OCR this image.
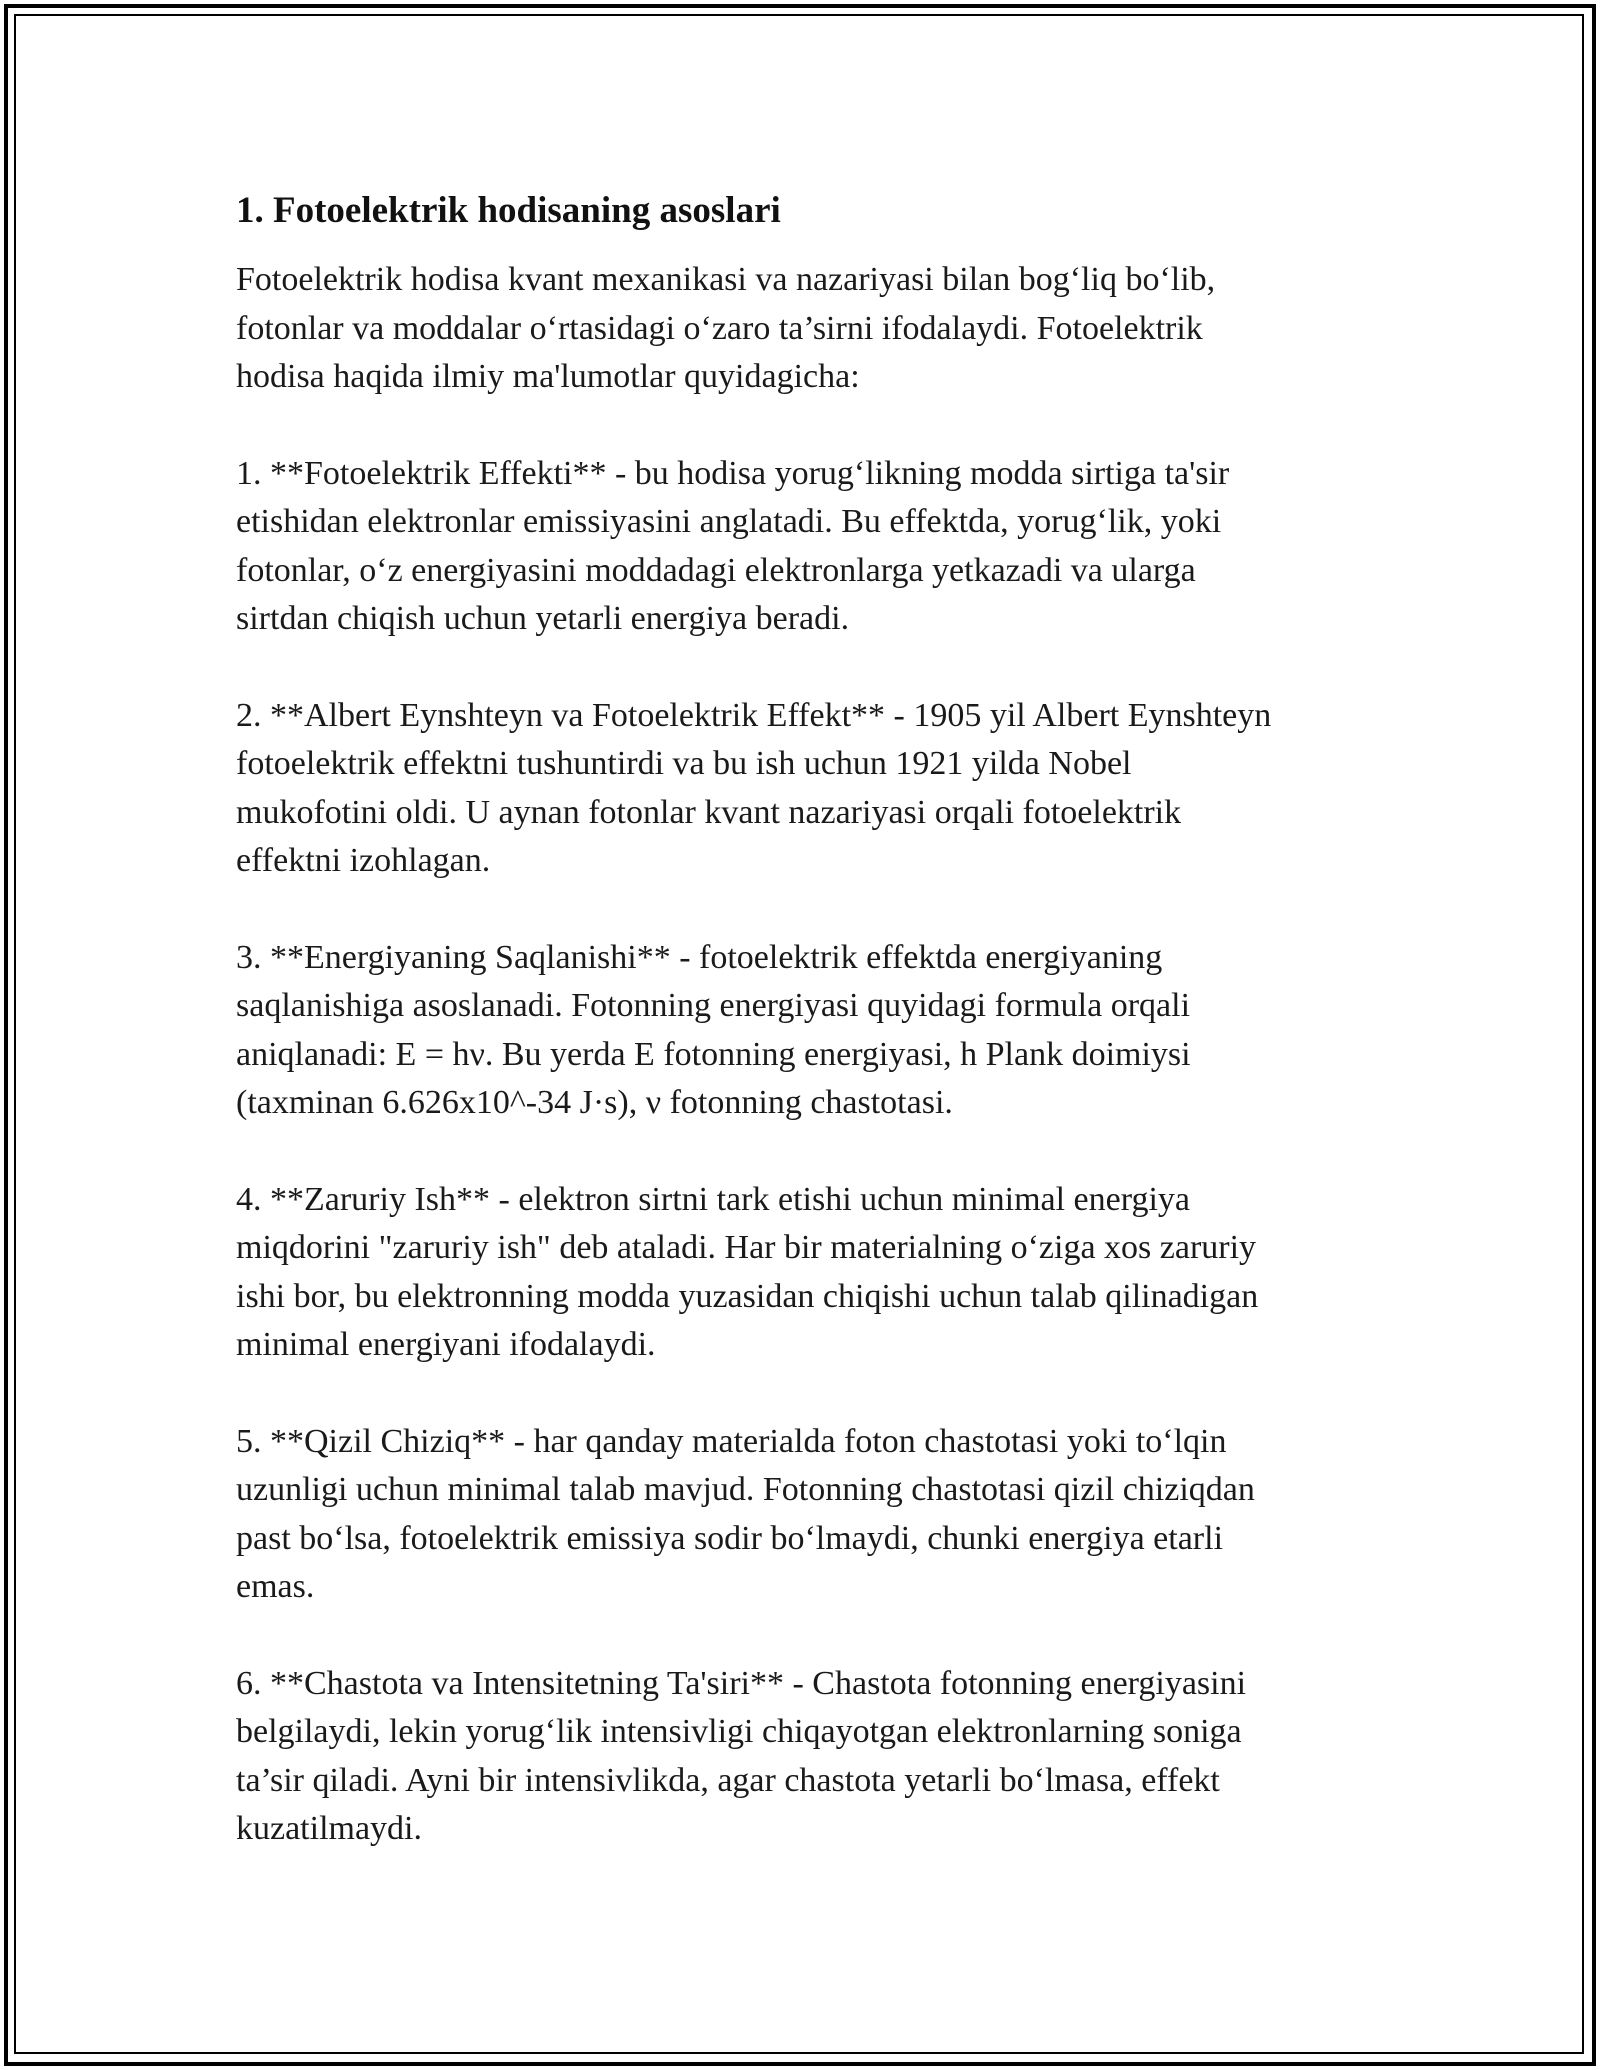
1. Fotoelektrik hodisaning asoslari

Fotoelektrik hodisa kvant mexanikasi va nazariyasi bilan bog‘liq bo‘lib,
fotonlar va moddalar o‘rtasidagi o‘zaro ta’sirni ifodalaydi. Fotoelektrik
hodisa haqida ilmiy ma'lumotlar quyidagicha:

1. **Fotoelektrik Effekti** - bu hodisa yorug‘likning modda sirtiga ta'sir
etishidan elektronlar emissiyasini anglatadi. Bu effektda, yorug‘lik, yoki
fotonlar, o‘z energiyasini moddadagi elektronlarga yetkazadi va ularga
sirtdan chiqish uchun yetarli energiya beradi.

2. **Albert Eynshteyn va Fotoelektrik Effekt** - 1905 yil Albert Eynshteyn
fotoelektrik effektni tushuntirdi va bu ish uchun 1921 yilda Nobel
mukofotini oldi. U aynan fotonlar kvant nazariyasi orqali fotoelektrik
effektni izohlagan.

3. **Energiyaning Saqlanishi** - fotoelektrik effektda energiyaning
saqlanishiga asoslanadi. Fotonning energiyasi quyidagi formula orqali
aniqlanadi: E = hν. Bu yerda E fotonning energiyasi, h Plank doimiysi
(taxminan 6.626x10^-34 J·s), ν fotonning chastotasi.

4. **Zaruriy Ish** - elektron sirtni tark etishi uchun minimal energiya
miqdorini "zaruriy ish" deb ataladi. Har bir materialning o‘ziga xos zaruriy
ishi bor, bu elektronning modda yuzasidan chiqishi uchun talab qilinadigan
minimal energiyani ifodalaydi.

5. **Qizil Chiziq** - har qanday materialda foton chastotasi yoki to‘lqin
uzunligi uchun minimal talab mavjud. Fotonning chastotasi qizil chiziqdan
past bo‘lsa, fotoelektrik emissiya sodir bo‘lmaydi, chunki energiya etarli
emas.

6. **Chastota va Intensitetning Ta'siri** - Chastota fotonning energiyasini
belgilaydi, lekin yorug‘lik intensivligi chiqayotgan elektronlarning soniga
ta’sir qiladi. Ayni bir intensivlikda, agar chastota yetarli bo‘lmasa, effekt
kuzatilmaydi.
